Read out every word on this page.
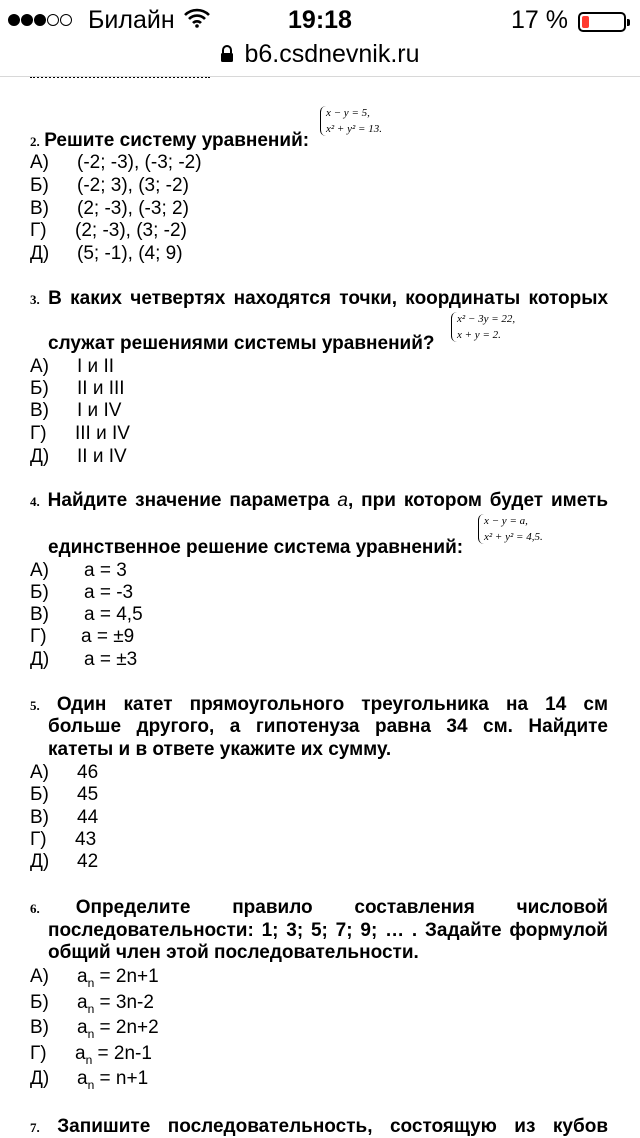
Билайн	19:18	17 %
b6.csdnevnik.ru
2. Решите систему уравнений:
x − y = 5,
x² + y² = 13.
А) (-2; -3), (-3; -2)
Б) (-2; 3), (3; -2)
В) (2; -3), (-3; 2)
Г) (2; -3), (3; -2)
Д) (5; -1), (4; 9)
3. В каких четвертях находятся точки, координаты которых
служат решениями системы уравнений?
x² − 3y = 22,
x + y = 2.
А) I и II
Б) II и III
В) I и IV
Г) III и IV
Д) II и IV
4. Найдите значение параметра a, при котором будет иметь
единственное решение система уравнений:
x − y = a,
x² + y² = 4,5.
А) a = 3
Б) a = -3
В) a = 4,5
Г) a = ±9
Д) a = ±3
5. Один катет прямоугольного треугольника на 14 см
больше другого, а гипотенуза равна 34 см. Найдите
катеты и в ответе укажите их сумму.
А) 46
Б) 45
В) 44
Г) 43
Д) 42
6. Определите правило составления числовой
последовательности: 1; 3; 5; 7; 9; … . Задайте формулой
общий член этой последовательности.
А) $a_n = 2n+1$
Б) $a_n = 3n-2$
В) $a_n = 2n+2$
Г) $a_n = 2n-1$
Д) $a_n = n+1$
7. Запишите последовательность, состоящую из кубов
